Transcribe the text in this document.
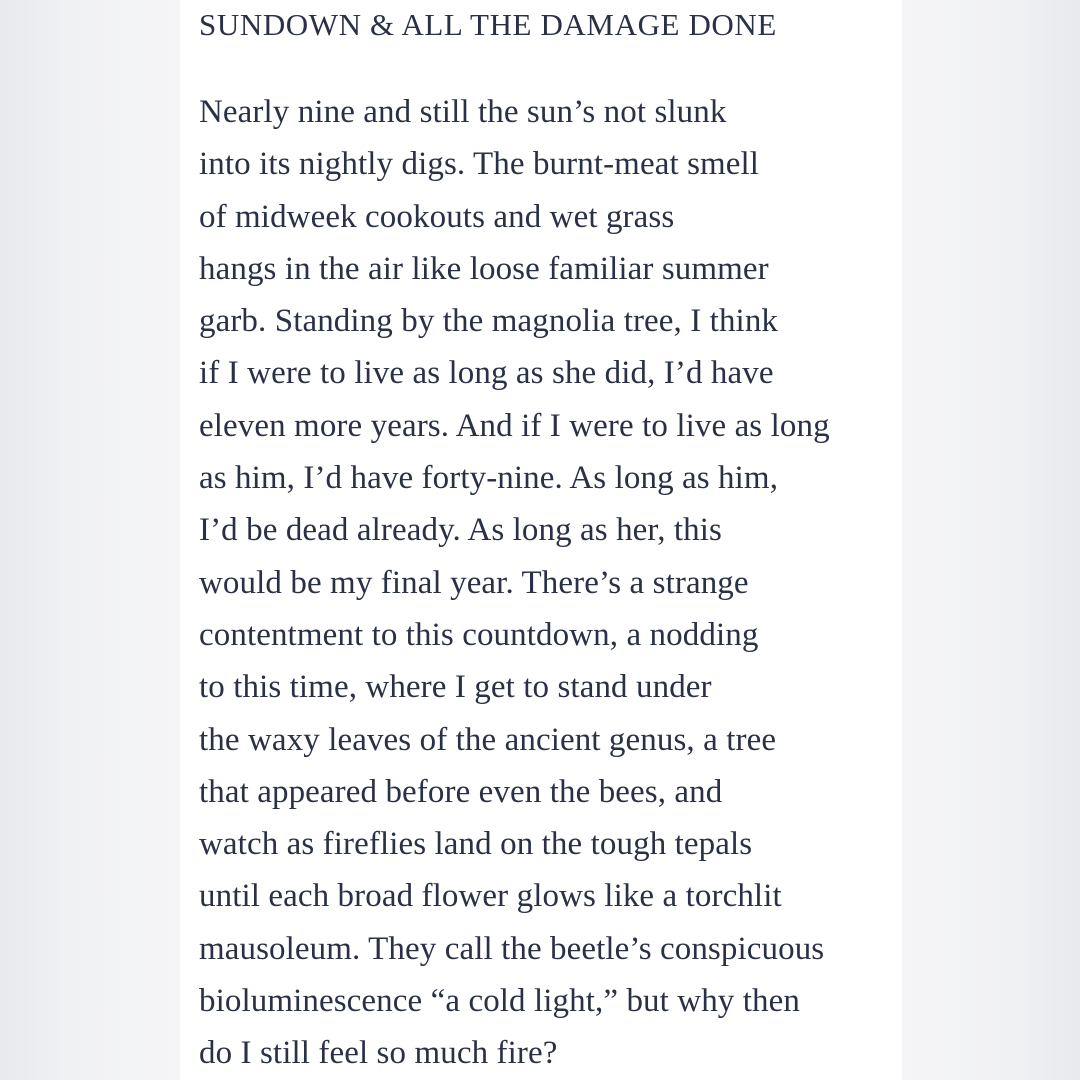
SUNDOWN & ALL THE DAMAGE DONE
Nearly nine and still the sun’s not slunk
into its nightly digs. The burnt-meat smell
of midweek cookouts and wet grass
hangs in the air like loose familiar summer
garb. Standing by the magnolia tree, I think
if I were to live as long as she did, I’d have
eleven more years. And if I were to live as long
as him, I’d have forty-nine. As long as him,
I’d be dead already. As long as her, this
would be my final year. There’s a strange
contentment to this countdown, a nodding
to this time, where I get to stand under
the waxy leaves of the ancient genus, a tree
that appeared before even the bees, and
watch as fireflies land on the tough tepals
until each broad flower glows like a torchlit
mausoleum. They call the beetle’s conspicuous
bioluminescence “a cold light,” but why then
do I still feel so much fire?
